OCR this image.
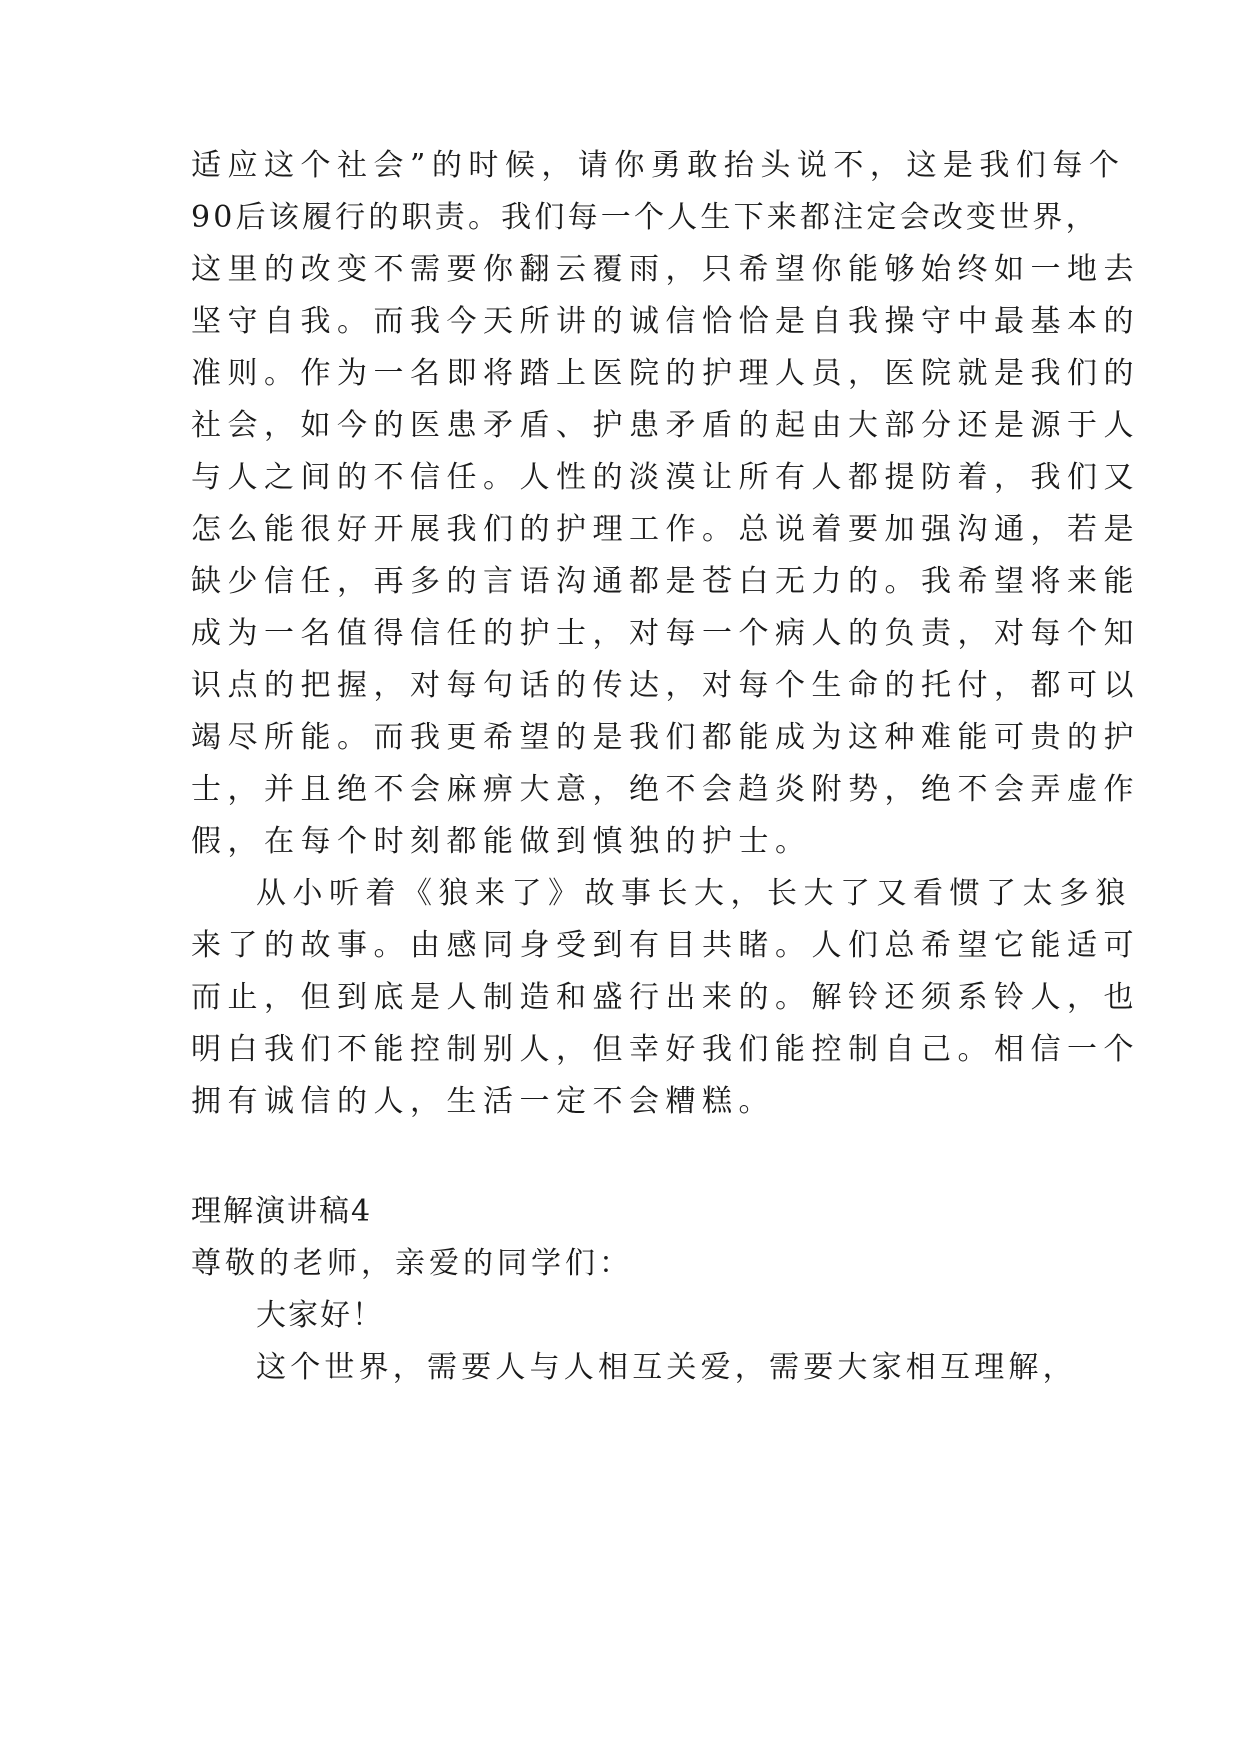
适应这个社会”的时候，请你勇敢抬头说不，这是我们每个
90后该履行的职责。我们每一个人生下来都注定会改变世界，
这里的改变不需要你翻云覆雨，只希望你能够始终如一地去
坚守自我。而我今天所讲的诚信恰恰是自我操守中最基本的
准则。作为一名即将踏上医院的护理人员，医院就是我们的
社会，如今的医患矛盾、护患矛盾的起由大部分还是源于人
与人之间的不信任。人性的淡漠让所有人都提防着，我们又
怎么能很好开展我们的护理工作。总说着要加强沟通，若是
缺少信任，再多的言语沟通都是苍白无力的。我希望将来能
成为一名值得信任的护士，对每一个病人的负责，对每个知
识点的把握，对每句话的传达，对每个生命的托付，都可以
竭尽所能。而我更希望的是我们都能成为这种难能可贵的护
士，并且绝不会麻痹大意，绝不会趋炎附势，绝不会弄虚作
假，在每个时刻都能做到慎独的护士。
从小听着《狼来了》故事长大，长大了又看惯了太多狼
来了的故事。由感同身受到有目共睹。人们总希望它能适可
而止，但到底是人制造和盛行出来的。解铃还须系铃人，也
明白我们不能控制别人，但幸好我们能控制自己。相信一个
拥有诚信的人，生活一定不会糟糕。
理解演讲稿4
尊敬的老师，亲爱的同学们：
大家好！
这个世界，需要人与人相互关爱，需要大家相互理解，
